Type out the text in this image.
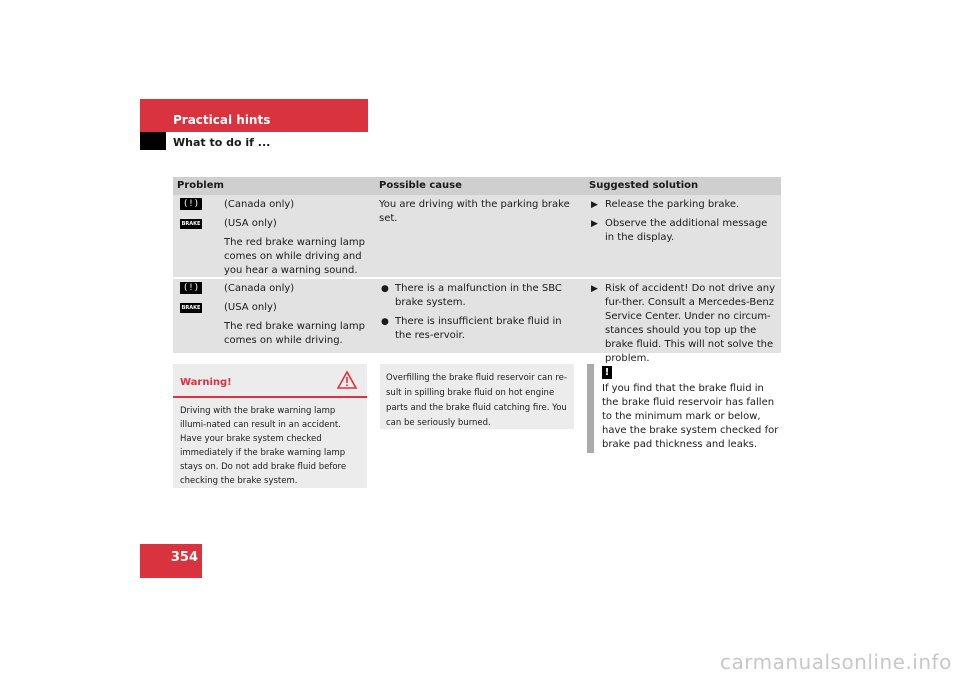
Practical hints
What to do if ...
Problem	Possible cause	Suggested solution
(!)
BRAKE

(Canada only)

(USA only)

The red brake warning lamp comes on while driving and you hear a warning sound.

You are driving with the parking brake set.
▶ Release the parking brake.
▶ Observe the additional message in the display.
(!)
BRAKE

(Canada only)

(USA only)

The red brake warning lamp comes on while driving.

● There is a malfunction in the SBC brake system.
● There is insufficient brake fluid in the res-ervoir.
▶ Risk of accident! Do not drive any fur-ther. Consult a Mercedes-Benz Service Center. Under no circum-stances should you top up the brake fluid. This will not solve the problem.
Warning!

Driving with the brake warning lamp illumi-nated can result in an accident. Have your brake system checked immediately if the brake warning lamp stays on. Do not add brake fluid before checking the brake system.

Overfilling the brake fluid reservoir can re-sult in spilling brake fluid on hot engine parts and the brake fluid catching fire. You can be seriously burned.

!

If you find that the brake fluid in the brake fluid reservoir has fallen to the minimum mark or below, have the brake system checked for brake pad thickness and leaks.

354
carmanualsonline.info
